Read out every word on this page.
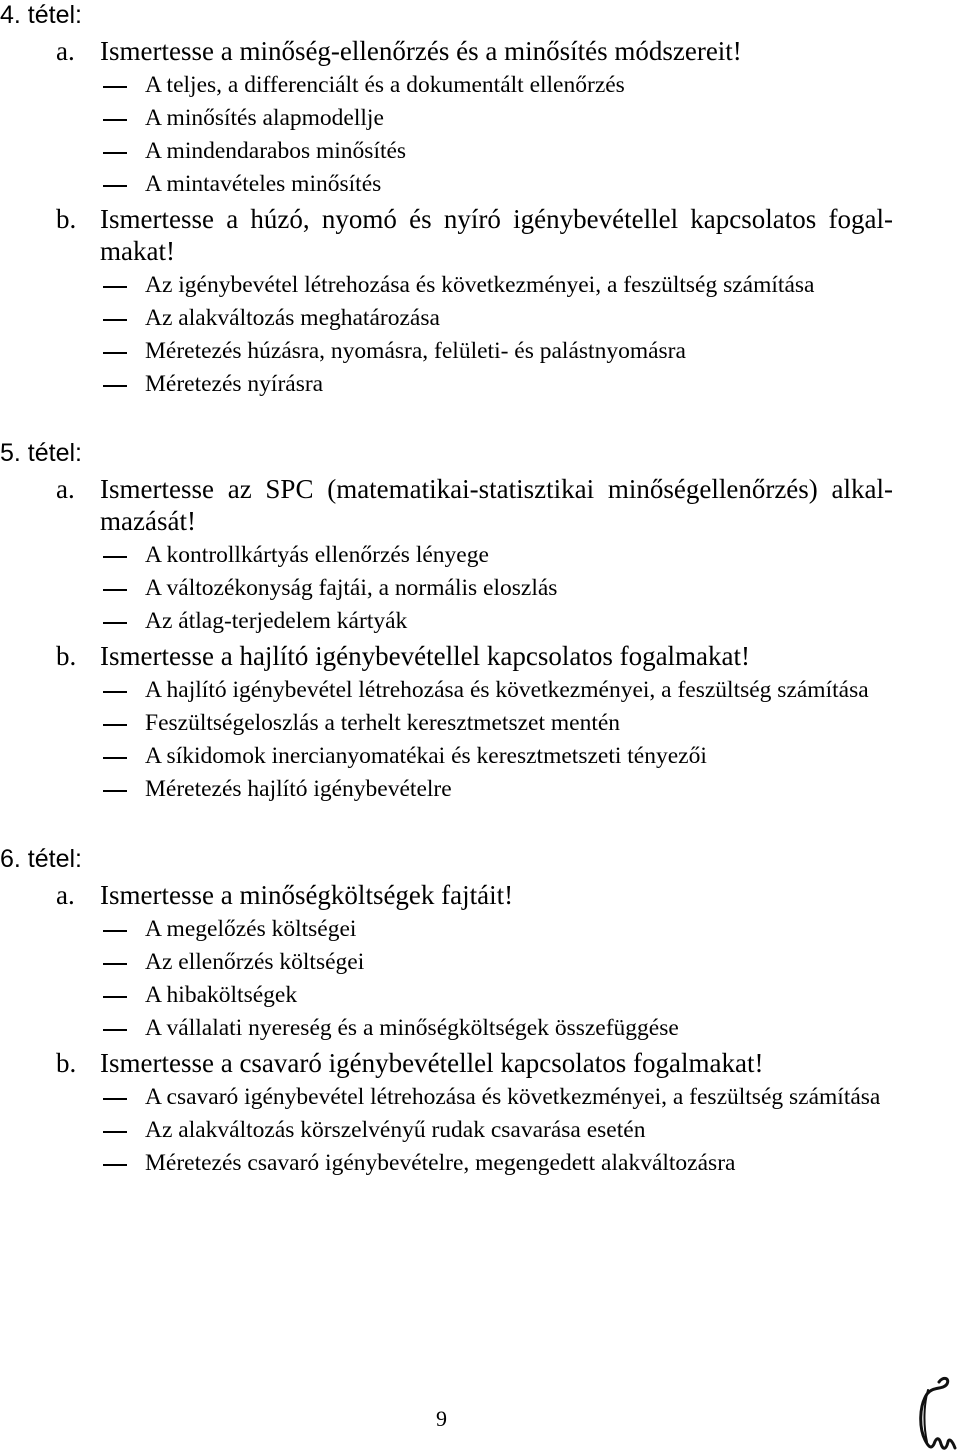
4. tétel:
a. Ismertesse a minőség-ellenőrzés és a minősítés módszereit!
A teljes, a differenciált és a dokumentált ellenőrzés
A minősítés alapmodellje
A mindendarabos minősítés
A mintavételes minősítés
b. Ismertesse a húzó, nyomó és nyíró igénybevétellel kapcsolatos fogal-
makat!
Az igénybevétel létrehozása és következményei, a feszültség számítása
Az alakváltozás meghatározása
Méretezés húzásra, nyomásra, felületi- és palástnyomásra
Méretezés nyírásra
5. tétel:
a. Ismertesse az SPC (matematikai-statisztikai minőségellenőrzés) alkal-
mazását!
A kontrollkártyás ellenőrzés lényege
A változékonyság fajtái, a normális eloszlás
Az átlag-terjedelem kártyák
b. Ismertesse a hajlító igénybevétellel kapcsolatos fogalmakat!
A hajlító igénybevétel létrehozása és következményei, a feszültség számítása
Feszültségeloszlás a terhelt keresztmetszet mentén
A síkidomok inercianyomatékai és keresztmetszeti tényezői
Méretezés hajlító igénybevételre
6. tétel:
a. Ismertesse a minőségköltségek fajtáit!
A megelőzés költségei
Az ellenőrzés költségei
A hibaköltségek
A vállalati nyereség és a minőségköltségek összefüggése
b. Ismertesse a csavaró igénybevétellel kapcsolatos fogalmakat!
A csavaró igénybevétel létrehozása és következményei, a feszültség számítása
Az alakváltozás körszelvényű rudak csavarása esetén
Méretezés csavaró igénybevételre, megengedett alakváltozásra
9
